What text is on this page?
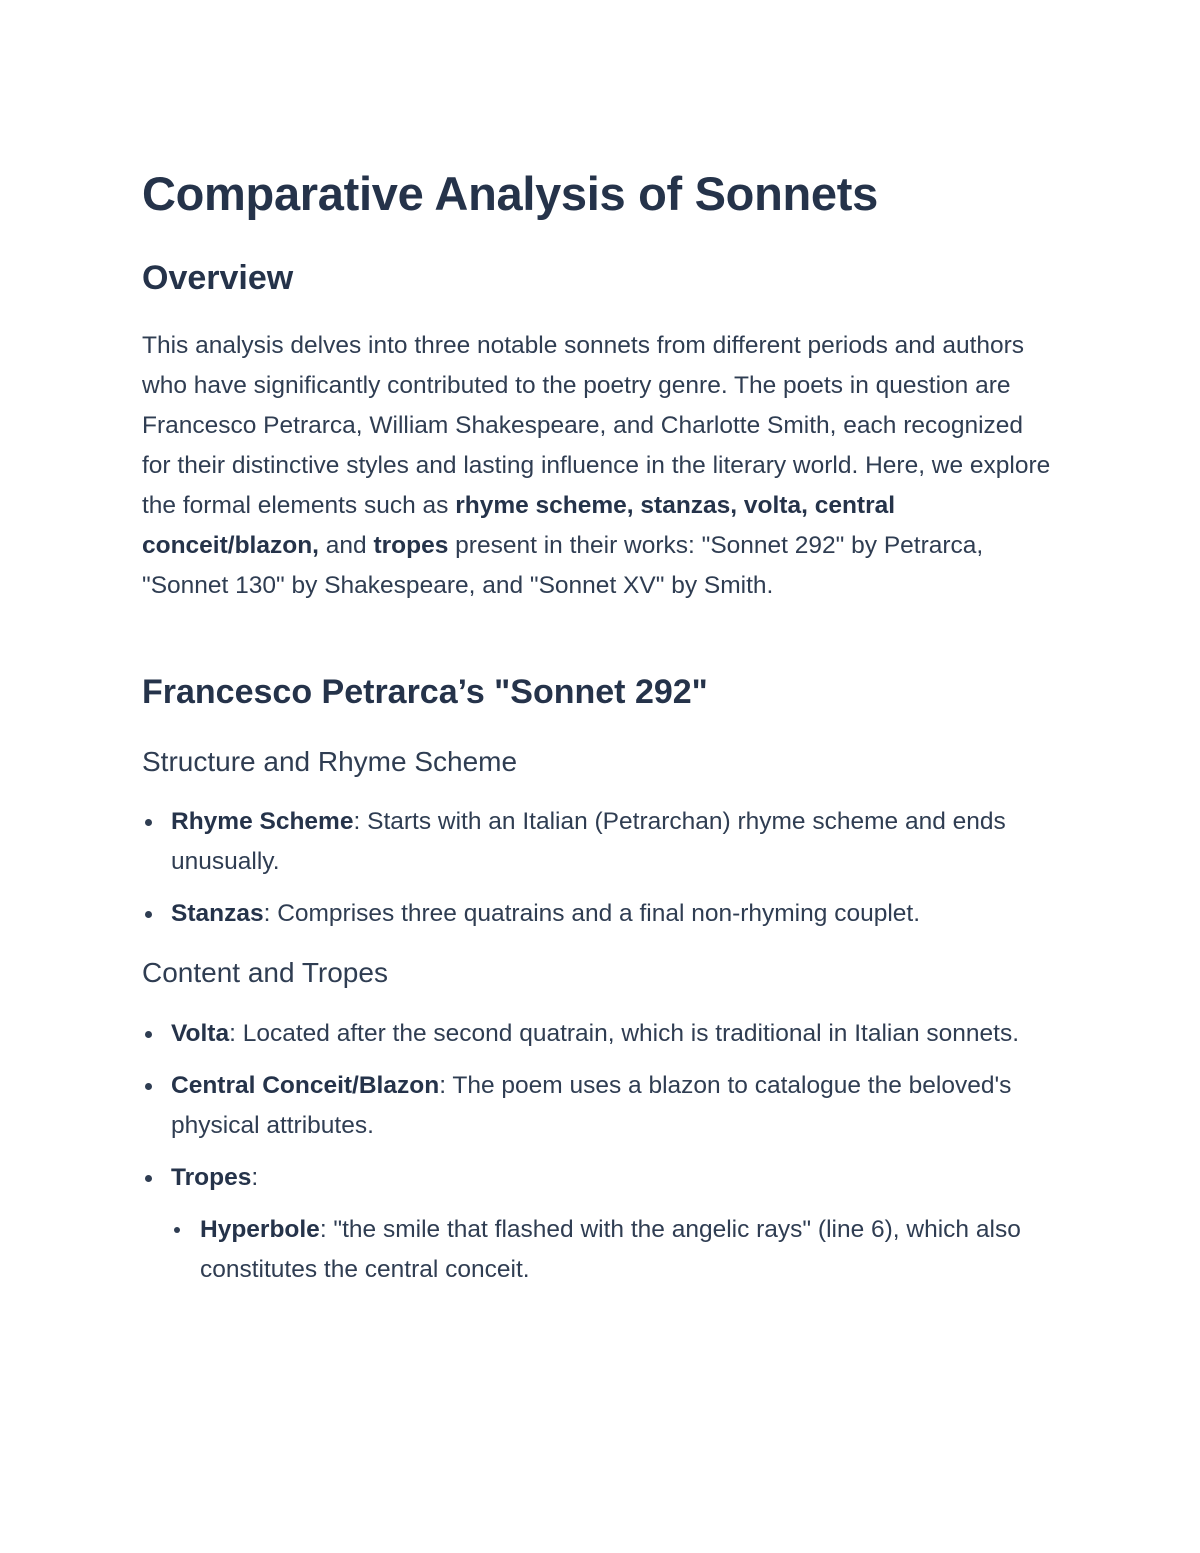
Comparative Analysis of Sonnets
Overview

This analysis delves into three notable sonnets from different periods and authors who have significantly contributed to the poetry genre. The poets in question are Francesco Petrarca, William Shakespeare, and Charlotte Smith, each recognized for their distinctive styles and lasting influence in the literary world. Here, we explore the formal elements such as rhyme scheme, stanzas, volta, central conceit/blazon, and tropes present in their works: "Sonnet 292" by Petrarca, "Sonnet 130" by Shakespeare, and "Sonnet XV" by Smith.

Francesco Petrarca’s "Sonnet 292"
Structure and Rhyme Scheme
Rhyme Scheme: Starts with an Italian (Petrarchan) rhyme scheme and ends unusually.
Stanzas: Comprises three quatrains and a final non-rhyming couplet.
Content and Tropes
Volta: Located after the second quatrain, which is traditional in Italian sonnets.
Central Conceit/Blazon: The poem uses a blazon to catalogue the beloved's physical attributes.
Tropes:
Hyperbole: "the smile that flashed with the angelic rays" (line 6), which also constitutes the central conceit.
